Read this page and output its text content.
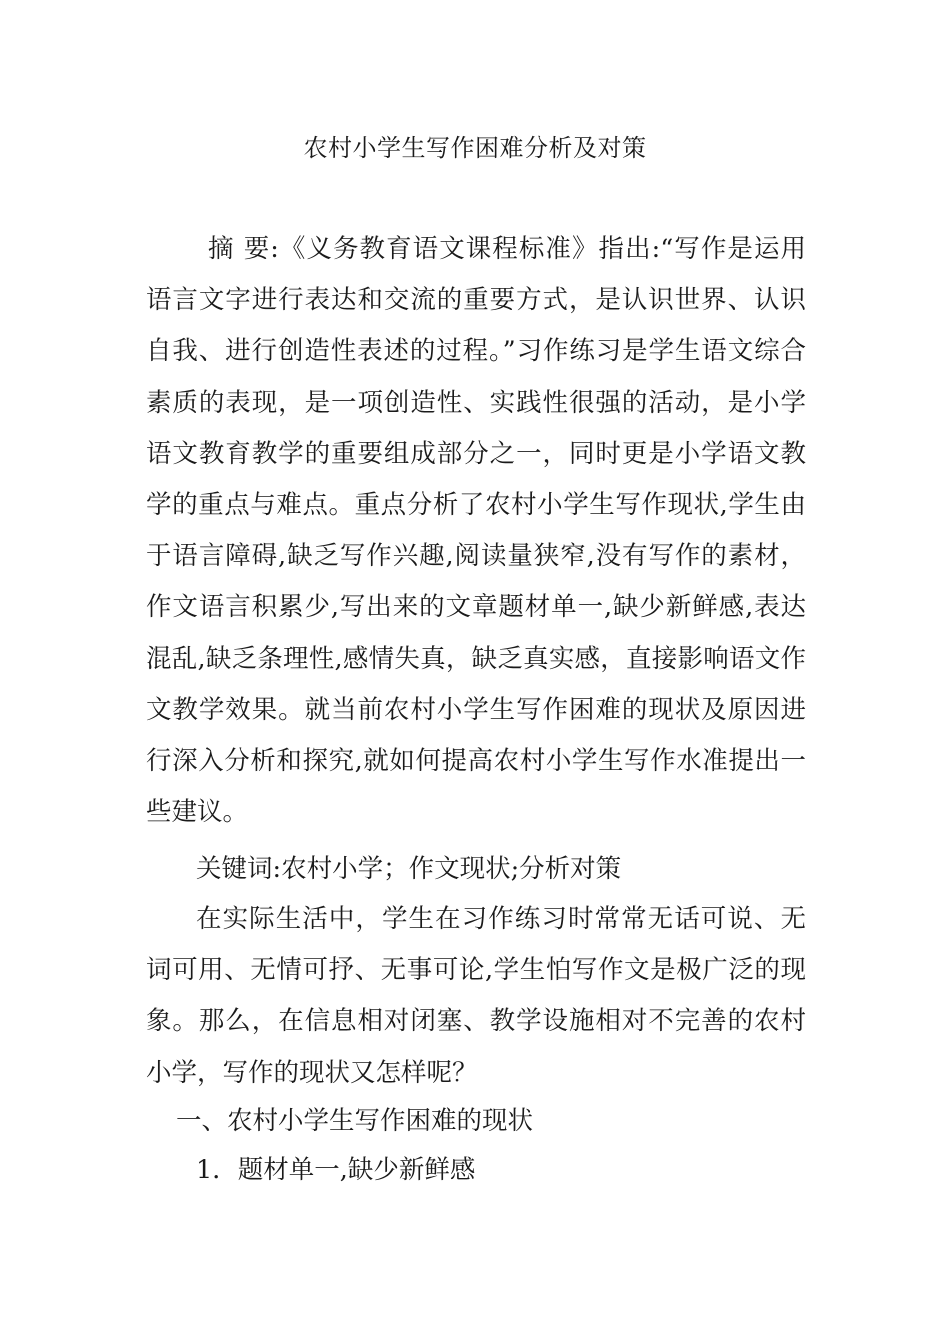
农村小学生写作困难分析及对策

摘 要:《义务教育语文课程标准》指出:“写作是运用语言文字进行表达和交流的重要方式，是认识世界、认识自我、进行创造性表述的过程。”习作练习是学生语文综合素质的表现，是一项创造性、实践性很强的活动，是小学语文教育教学的重要组成部分之一，同时更是小学语文教学的重点与难点。重点分析了农村小学生写作现状,学生由于语言障碍,缺乏写作兴趣,阅读量狭窄,没有写作的素材，作文语言积累少,写出来的文章题材单一,缺少新鲜感,表达混乱,缺乏条理性,感情失真，缺乏真实感，直接影响语文作文教学效果。就当前农村小学生写作困难的现状及原因进行深入分析和探究,就如何提高农村小学生写作水准提出一些建议。

关键词:农村小学；作文现状;分析对策

在实际生活中，学生在习作练习时常常无话可说、无词可用、无情可抒、无事可论,学生怕写作文是极广泛的现象。那么，在信息相对闭塞、教学设施相对不完善的农村小学，写作的现状又怎样呢？

一、农村小学生写作困难的现状
1．题材单一,缺少新鲜感
